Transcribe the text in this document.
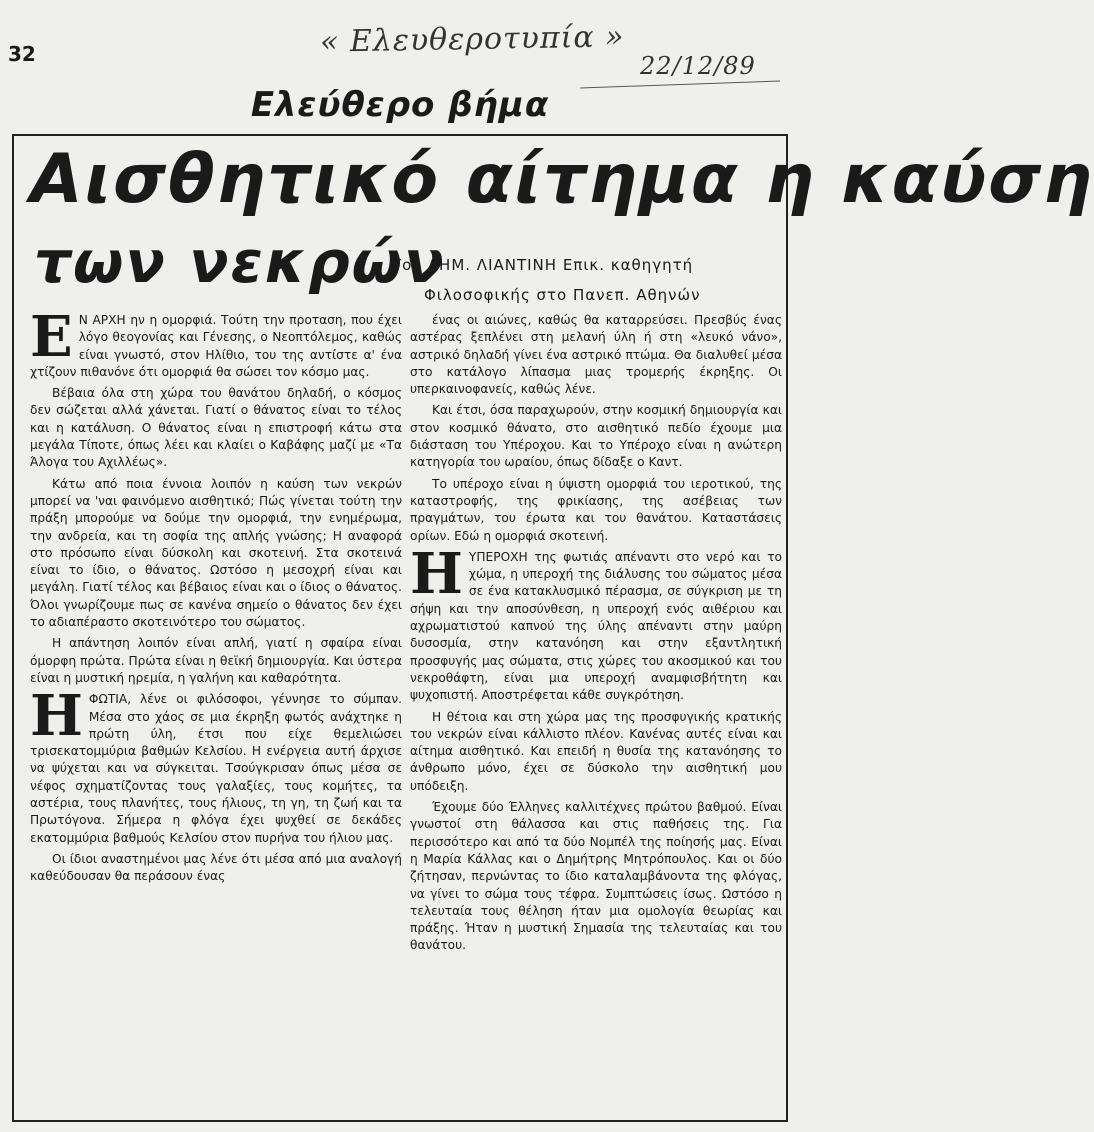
32	« Ελευθεροτυπία »
22/12/89
Ελεύθερο βήμα
Αισθητικό αίτημα η καύση
των νεκρών
Του ΔΗΜ. ΛΙΑΝΤΙΝΗ Επικ. καθηγητή
Φιλοσοφικής στο Πανεπ. Αθηνών

Ε Ν ΑΡΧΗ ην η ομορφιά. Τούτη την προταση, που έχει λόγο θεογονίας και Γένεσης, ο Νεοπτόλεμος, καθώς είναι γνωστό, στον Ηλίθιο, του της αντίστε α' ένα χτίζουν πιθανόνε ότι ομορφιά θα σώσει τον κόσμο μας.

Βέβαια όλα στη χώρα του θανάτου δηλαδή, ο κόσμος δεν σώζεται αλλά χάνεται. Γιατί ο θάνατος είναι το τέλος και η κατάλυση. Ο θάνατος είναι η επιστροφή κάτω στα μεγάλα Τίποτε, όπως λέει και κλαίει ο Καβάφης μαζί με «Τα Άλογα του Αχιλλέως».

Κάτω από ποια έννοια λοιπόν η καύση των νεκρών μπορεί να 'ναι φαινόμενο αισθητικό; Πώς γίνεται τούτη την πράξη μπορούμε να δούμε την ομορφιά, την ενημέρωμα, την ανδρεία, και τη σοφία της απλής γνώσης; Η αναφορά στο πρόσωπο είναι δύσκολη και σκοτεινή. Στα σκοτεινά είναι το ίδιο, ο θάνατος. Ωστόσο η μεσοχρή είναι και μεγάλη. Γιατί τέλος και βέβαιος είναι και ο ίδιος ο θάνατος. Όλοι γνωρίζουμε πως σε κανένα σημείο ο θάνατος δεν έχει το αδιαπέραστο σκοτεινότερο του σώματος.

Η απάντηση λοιπόν είναι απλή, γιατί η σφαίρα είναι όμορφη πρώτα. Πρώτα είναι η θεϊκή δημιουργία. Και ύστερα είναι η μυστική ηρεμία, η γαλήνη και καθαρότητα.

ΗΦΩΤΙΑ, λένε οι φιλόσοφοι, γέννησε το σύμπαν. Μέσα στο χάος σε μια έκρηξη φωτός ανάχτηκε η πρώτη ύλη, έτσι που είχε θεμελιώσει τρισεκατομμύρια βαθμών Κελσίου. Η ενέργεια αυτή άρχισε να ψύχεται και να σύγκειται. Τσούγκρισαν όπως μέσα σε νέφος σχηματίζοντας τους γαλαξίες, τους κομήτες, τα αστέρια, τους πλανήτες, τους ήλιους, τη γη, τη ζωή και τα Πρωτόγονα. Σήμερα η φλόγα έχει ψυχθεί σε δεκάδες εκατομμύρια βαθμούς Κελσίου στον πυρήνα του ήλιου μας.

Οι ίδιοι αναστημένοι μας λένε ότι μέσα από μια αναλογή καθεύδουσαν θα περάσουν ένας

ένας οι αιώνες, καθώς θα καταρρεύσει. Πρεσβύς ένας αστέρας ξεπλένει στη μελανή ύλη ή στη «λευκό νάνο», αστρικό δηλαδή γίνει ένα αστρικό πτώμα. Θα διαλυθεί μέσα στο κατάλογο λίπασμα μιας τρομερής έκρηξης. Οι υπερκαινοφανείς, καθώς λένε.

Και έτσι, όσα παραχωρούν, στην κοσμική δημιουργία και στον κοσμικό θάνατο, στο αισθητικό πεδίο έχουμε μια διάσταση του Υπέροχου. Και το Υπέροχο είναι η ανώτερη κατηγορία του ωραίου, όπως δίδαξε ο Καντ.

Το υπέροχο είναι η ύψιστη ομορφιά του ιεροτικού, της καταστροφής, της φρικίασης, της ασέβειας των πραγμάτων, του έρωτα και του θανάτου. Καταστάσεις ορίων. Εδώ η ομορφιά σκοτεινή.

ΗΥΠΕΡΟΧΗ της φωτιάς απέναντι στο νερό και το χώμα, η υπεροχή της διάλυσης του σώματος μέσα σε ένα κατακλυσμικό πέρασμα, σε σύγκριση με τη σήψη και την αποσύνθεση, η υπεροχή ενός αιθέριου και αχρωματιστού καπνού της ύλης απέναντι στην μαύρη δυσοσμία, στην κατανόηση και στην εξαντλητική προσφυγής μας σώματα, στις χώρες του ακοσμικού και του νεκροθάφτη, είναι μια υπεροχή αναμφισβήτητη και ψυχοπιστή. Αποστρέφεται κάθε συγκρότηση.

Η θέτοια και στη χώρα μας της προσφυγικής κρατικής του νεκρών είναι κάλλιστο πλέον. Κανένας αυτές είναι και αίτημα αισθητικό. Και επειδή η θυσία της κατανόησης το άνθρωπο μόνο, έχει σε δύσκολο την αισθητική μου υπόδειξη.

Έχουμε δύο Έλληνες καλλιτέχνες πρώτου βαθμού. Είναι γνωστοί στη θάλασσα και στις παθήσεις της. Για περισσότερο και από τα δύο Νομπέλ της ποίησής μας. Είναι η Μαρία Κάλλας και ο Δημήτρης Μητρόπουλος. Και οι δύο ζήτησαν, περνώντας το ίδιο καταλαμβάνοντα της φλόγας, να γίνει το σώμα τους τέφρα. Συμπτώσεις ίσως. Ωστόσο η τελευταία τους θέληση ήταν μια ομολογία θεωρίας και πράξης. Ήταν η μυστική Σημασία της τελευταίας και του θανάτου.
